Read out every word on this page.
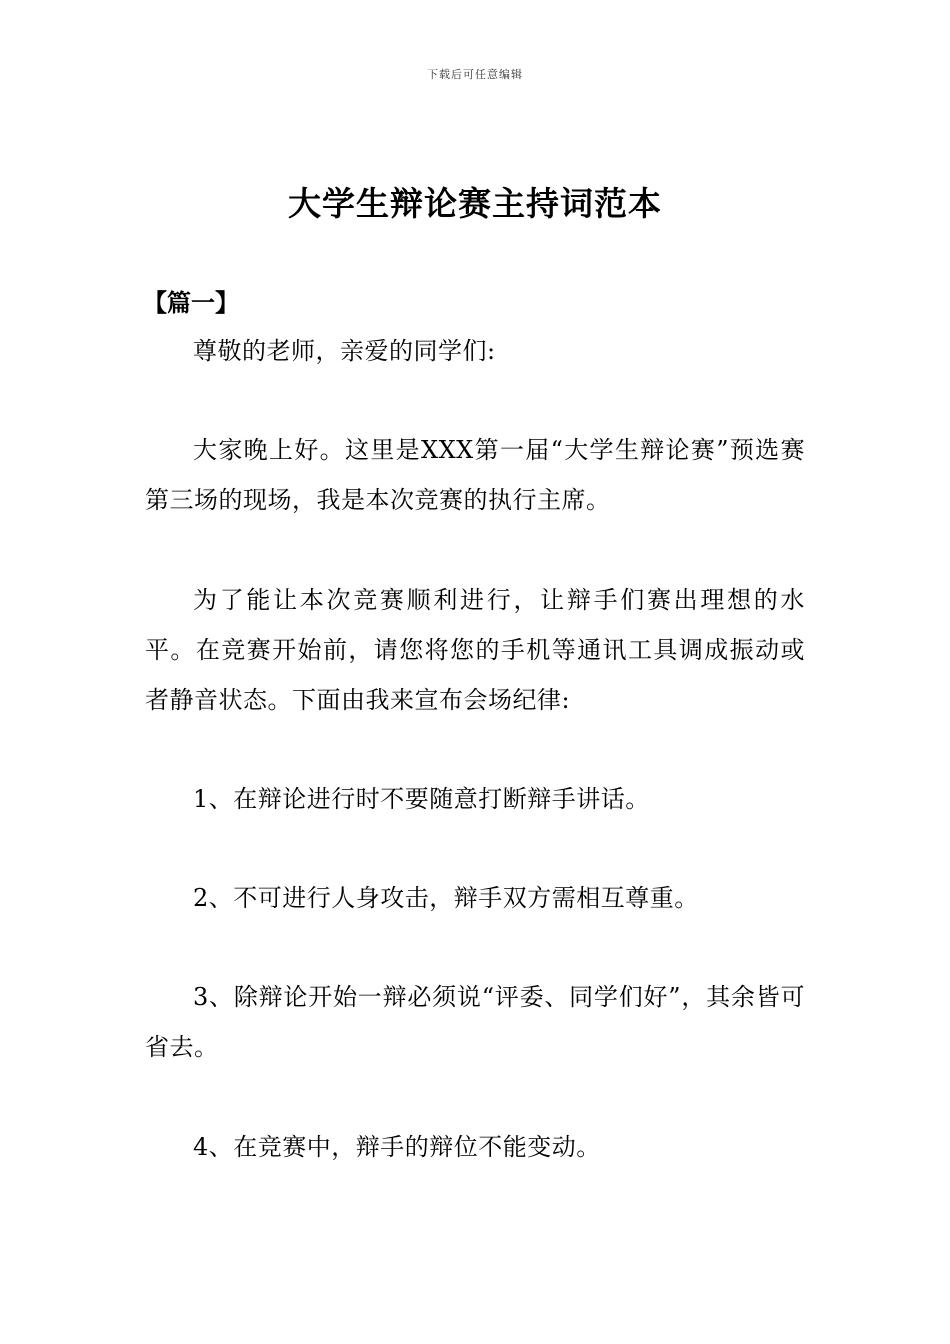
下载后可任意编辑
大学生辩论赛主持词范本
【篇一】
尊敬的老师，亲爱的同学们:
大家晚上好。这里是XXX第一届“大学生辩论赛”预选赛第三场的现场，我是本次竞赛的执行主席。
为了能让本次竞赛顺利进行，让辩手们赛出理想的水平。在竞赛开始前，请您将您的手机等通讯工具调成振动或者静音状态。下面由我来宣布会场纪律:
1、在辩论进行时不要随意打断辩手讲话。
2、不可进行人身攻击，辩手双方需相互尊重。
3、除辩论开始一辩必须说“评委、同学们好”，其余皆可省去。
4、在竞赛中，辩手的辩位不能变动。
